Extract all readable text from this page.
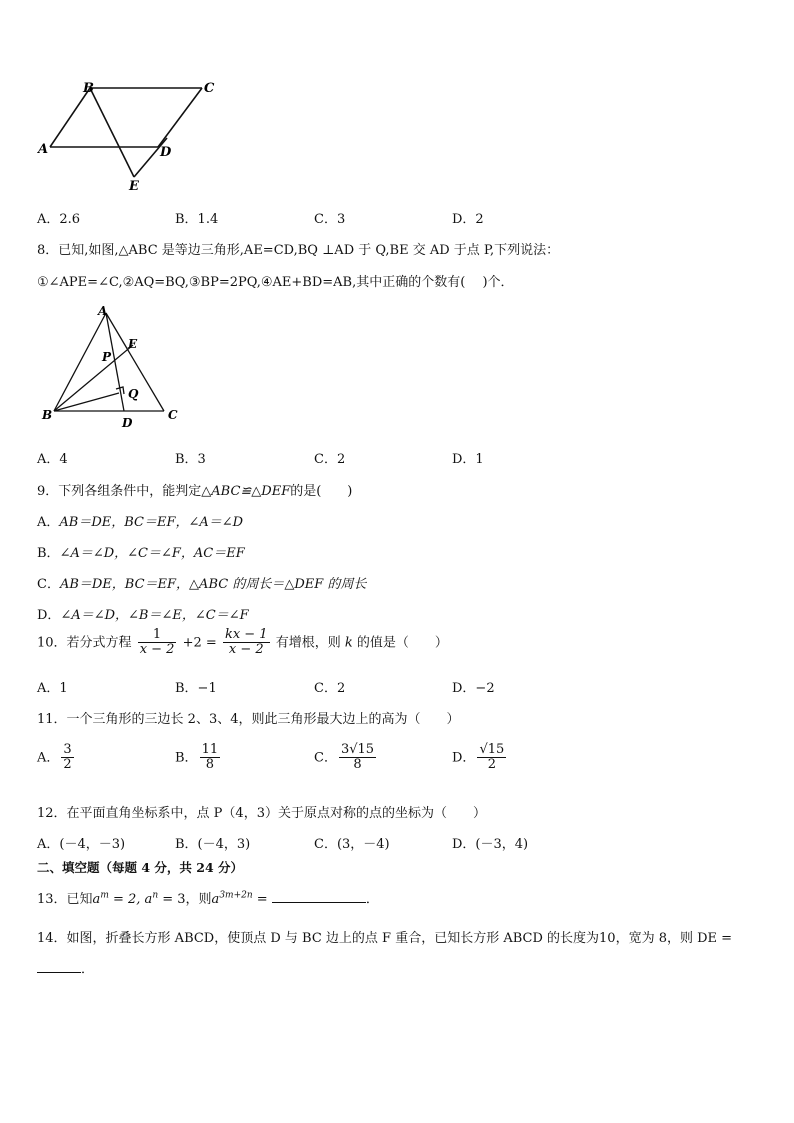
B	C
A	D
E
A．2.6	B．1.4	C．3	D．2
8．已知,如图,△ABC 是等边三角形,AE=CD,BQ ⊥AD 于 Q,BE 交 AD 于点 P,下列说法：
①∠APE=∠C,②AQ=BQ,③BP=2PQ,④AE+BD=AB,其中正确的个数有(　 )个．
A
E
P
Q
B
D
C
A．4	B．3	C．2	D．1
9．下列各组条件中，能判定△ABC≌△DEF的是(　　)
A．AB＝DE，BC＝EF，∠A＝∠D
B．∠A＝∠D，∠C＝∠F，AC＝EF
C．AB＝DE，BC＝EF，△ABC 的周长＝△DEF 的周长
D．∠A＝∠D，∠B＝∠E，∠C＝∠F
10．若分式方程 $\frac{1}{x - 2} +2 = \frac{kx - 1}{x - 2}$ 有增根，则 k 的值是（　　）
A．1	B．−1	C．2	D．−2
11．一个三角形的三边长 2、3、4，则此三角形最大边上的高为（　　）
A． $\frac{3}{2}$	B． $\frac{11}{8}$	C． $\frac{3√15}{8}$	D． $\frac{√15}{2}$
12．在平面直角坐标系中，点 P（4，3）关于原点对称的点的坐标为（　　）
A．(－4，－3)	B．(－4，3)	C．(3，－4)	D．(－3，4)
二、填空题（每题 4 分，共 24 分）
13．已知$a^m = 2$, $a^n = 3$，则$a^{3m+2n}$ =	．
14．如图，折叠长方形 ABCD，使顶点 D 与 BC 边上的点 F 重合，已知长方形 ABCD 的长度为10，宽为 8，则 DE =
．
